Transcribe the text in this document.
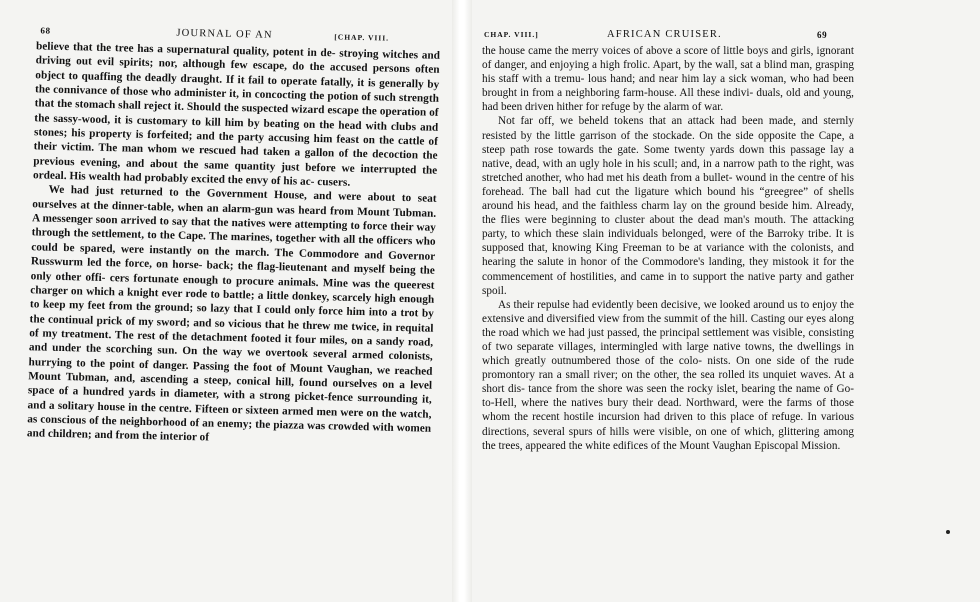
68	JOURNAL OF AN	[CHAP. VIII.

believe that the tree has a supernatural quality, potent in de- stroying witches and driving out evil spirits; nor, although few escape, do the accused persons often object to quaffing the deadly draught. If it fail to operate fatally, it is generally by the connivance of those who administer it, in concocting the potion of such strength that the stomach shall reject it. Should the suspected wizard escape the operation of the sassy-wood, it is customary to kill him by beating on the head with clubs and stones; his property is forfeited; and the party accusing him feast on the cattle of their victim. The man whom we rescued had taken a gallon of the decoction the previous evening, and about the same quantity just before we interrupted the ordeal. His wealth had probably excited the envy of his ac- cusers.

We had just returned to the Government House, and were about to seat ourselves at the dinner-table, when an alarm-gun was heard from Mount Tubman. A messenger soon arrived to say that the natives were attempting to force their way through the settlement, to the Cape. The marines, together with all the officers who could be spared, were instantly on the march. The Commodore and Governor Russwurm led the force, on horse- back; the flag-lieutenant and myself being the only other offi- cers fortunate enough to procure animals. Mine was the queerest charger on which a knight ever rode to battle; a little donkey, scarcely high enough to keep my feet from the ground; so lazy that I could only force him into a trot by the continual prick of my sword; and so vicious that he threw me twice, in requital of my treatment. The rest of the detachment footed it four miles, on a sandy road, and under the scorching sun. On the way we overtook several armed colonists, hurrying to the point of danger. Passing the foot of Mount Vaughan, we reached Mount Tubman, and, ascending a steep, conical hill, found ourselves on a level space of a hundred yards in diameter, with a strong picket-fence surrounding it, and a solitary house in the centre. Fifteen or sixteen armed men were on the watch, as conscious of the neighborhood of an enemy; the piazza was crowded with women and children; and from the interior of

CHAP. VIII.]	AFRICAN CRUISER.	69

the house came the merry voices of above a score of little boys and girls, ignorant of danger, and enjoying a high frolic. Apart, by the wall, sat a blind man, grasping his staff with a tremu- lous hand; and near him lay a sick woman, who had been brought in from a neighboring farm-house. All these indivi- duals, old and young, had been driven hither for refuge by the alarm of war.

Not far off, we beheld tokens that an attack had been made, and sternly resisted by the little garrison of the stockade. On the side opposite the Cape, a steep path rose towards the gate. Some twenty yards down this passage lay a native, dead, with an ugly hole in his scull; and, in a narrow path to the right, was stretched another, who had met his death from a bullet- wound in the centre of his forehead. The ball had cut the ligature which bound his “greegree” of shells around his head, and the faithless charm lay on the ground beside him. Already, the flies were beginning to cluster about the dead man's mouth. The attacking party, to which these slain individuals belonged, were of the Barroky tribe. It is supposed that, knowing King Freeman to be at variance with the colonists, and hearing the salute in honor of the Commodore's landing, they mistook it for the commencement of hostilities, and came in to support the native party and gather spoil.

As their repulse had evidently been decisive, we looked around us to enjoy the extensive and diversified view from the summit of the hill. Casting our eyes along the road which we had just passed, the principal settlement was visible, consisting of two separate villages, intermingled with large native towns, the dwellings in which greatly outnumbered those of the colo- nists. On one side of the rude promontory ran a small river; on the other, the sea rolled its unquiet waves. At a short dis- tance from the shore was seen the rocky islet, bearing the name of Go-to-Hell, where the natives bury their dead. Northward, were the farms of those whom the recent hostile incursion had driven to this place of refuge. In various directions, several spurs of hills were visible, on one of which, glittering among the trees, appeared the white edifices of the Mount Vaughan Episcopal Mission.
